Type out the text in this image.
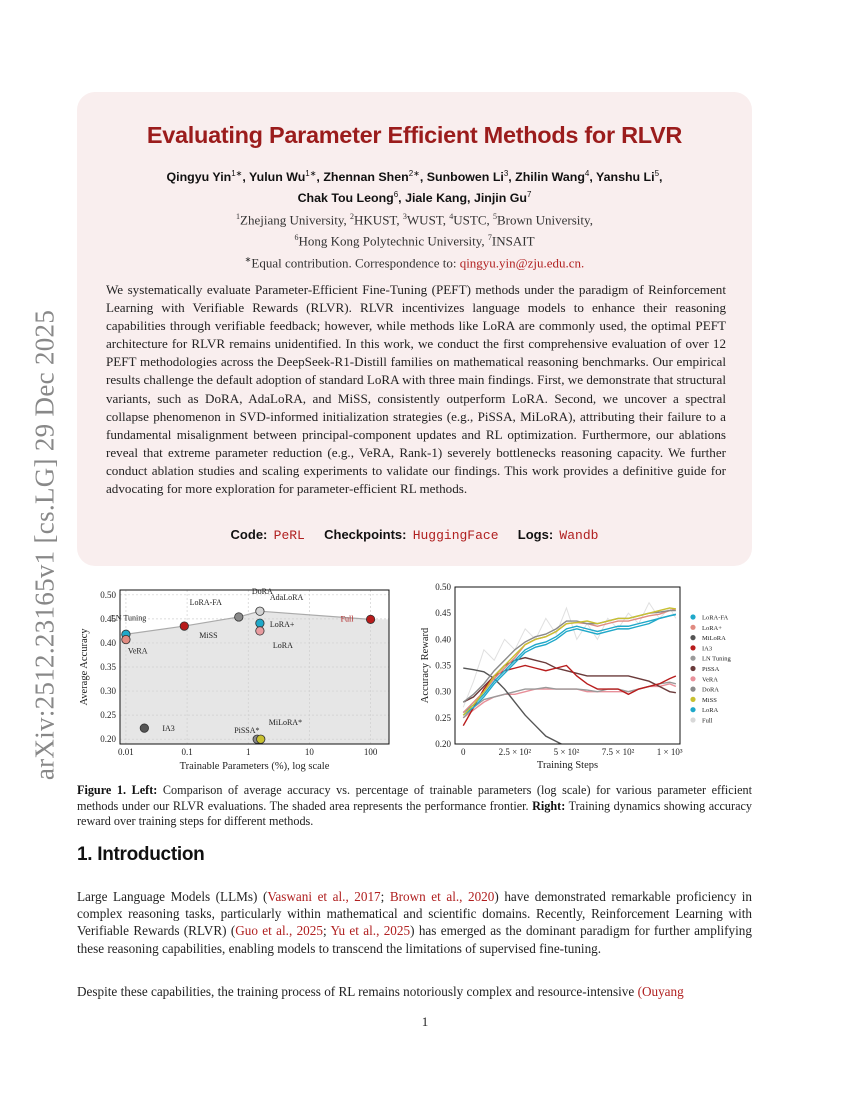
arXiv:2512.23165v1 [cs.LG] 29 Dec 2025
Evaluating Parameter Efficient Methods for RLVR
Qingyu Yin$^{1∗}$, Yulun $Wu^{1∗}$, Zhennan Shen$^{2∗}$, Sunbowen Li$^3$, Zhilin Wang$^4$, Yanshu Li$^5$,
Chak Tou Leong$^6$, Jiale Kang, Jinjin Gu$^7$
$^1$Zhejiang University, $^2$HKUST, $^3$WUST, $^4$USTC, $^5$Brown University,
$^6$Hong Kong Polytechnic University, $^7$INSAIT
∗Equal contribution. Correspondence to: qingyu.yin@zju.edu.cn.
We systematically evaluate Parameter-Efficient Fine-Tuning (PEFT) methods under the paradigm of Reinforcement Learning with Verifiable Rewards (RLVR). RLVR incentivizes language models to enhance their reasoning capabilities through verifiable feedback; however, while methods like LoRA are commonly used, the optimal PEFT architecture for RLVR remains unidentified. In this work, we conduct the first comprehensive evaluation of over 12 PEFT methodologies across the DeepSeek-R1-Distill families on mathematical reasoning benchmarks. Our empirical results challenge the default adoption of standard LoRA with three main findings. First, we demonstrate that structural variants, such as DoRA, AdaLoRA, and MiSS, consistently outperform LoRA. Second, we uncover a spectral collapse phenomenon in SVD-informed initialization strategies (e.g., PiSSA, MiLoRA), attributing their failure to a fundamental misalignment between principal-component updates and RL optimization. Furthermore, our ablations reveal that extreme parameter reduction (e.g., VeRA, Rank-1) severely bottlenecks reasoning capacity. We further conduct ablation studies and scaling experiments to validate our findings. This work provides a definitive guide for advocating for more exploration for parameter-efficient RL methods.
Code: PeRL Checkpoints: HuggingFace Logs: Wandb
0.20
0.25
0.30
0.35
0.40
0.45
0.50
0.01	0.1	1	10	100
Trainable Parameters (%), log scale
Average Accuracy
LN Tuning
VeRA
MiSS
LoRA-FA
DoRA
AdaLoRA
LoRA+
LoRA
Full
IA3	PiSSA*
MiLoRA*
0.20
0.25
0.30
0.35
0.40
0.45
0.50
0	2.5 × 10² 5 × 10² 7.5 × 10² 1 × 10³
Training Steps
Accuracy Reward
LoRA-FA
LoRA+
MiLoRA
IA3
LN Tuning
PiSSA
VeRA
DoRA
MiSS
LoRA
Full
Figure 1. Left: Comparison of average accuracy vs. percentage of trainable parameters (log scale) for various parameter efficient methods under our RLVR evaluations. The shaded area represents the performance frontier. Right: Training dynamics showing accuracy reward over training steps for different methods.
1. Introduction
Large Language Models (LLMs) (Vaswani et al., 2017; Brown et al., 2020) have demonstrated remarkable proficiency in complex reasoning tasks, particularly within mathematical and scientific domains. Recently, Reinforcement Learning with Verifiable Rewards (RLVR) (Guo et al., 2025; Yu et al., 2025) has emerged as the dominant paradigm for further amplifying these reasoning capabilities, enabling models to transcend the limitations of supervised fine-tuning.
Despite these capabilities, the training process of RL remains notoriously complex and resource-intensive (Ouyang
1
